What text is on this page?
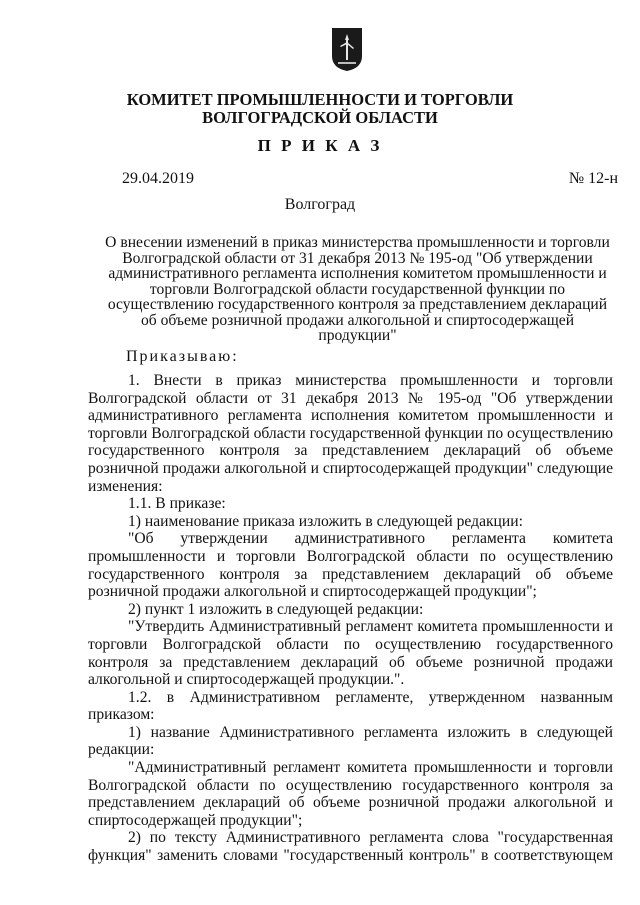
КОМИТЕТ ПРОМЫШЛЕННОСТИ И ТОРГОВЛИ
ВОЛГОГРАДСКОЙ ОБЛАСТИ
П Р И К А З
29.04.2019	№ 12-н
Волгоград
О внесении изменений в приказ министерства промышленности и торговли Волгоградской области от 31 декабря 2013 № 195-од "Об утверждении административного регламента исполнения комитетом промышленности и торговли Волгоградской области государственной функции по осуществлению государственного контроля за представлением деклараций об объеме розничной продажи алкогольной и спиртосодержащей продукции"
Приказываю:

1. Внести в приказ министерства промышленности и торговли Волгоградской области от 31 декабря 2013 № 195-од "Об утверждении административного регламента исполнения комитетом промышленности и торговли Волгоградской области государственной функции по осуществлению государственного контроля за представлением деклараций об объеме розничной продажи алкогольной и спиртосодержащей продукции" следующие изменения:

1.1. В приказе:

1) наименование приказа изложить в следующей редакции:

"Об утверждении административного регламента комитета промышленности и торговли Волгоградской области по осуществлению государственного контроля за представлением деклараций об объеме розничной продажи алкогольной и спиртосодержащей продукции";

2) пункт 1 изложить в следующей редакции:

"Утвердить Административный регламент комитета промышленности и торговли Волгоградской области по осуществлению государственного контроля за представлением деклараций об объеме розничной продажи алкогольной и спиртосодержащей продукции.".

1.2. в Административном регламенте, утвержденном названным приказом:

1) название Административного регламента изложить в следующей редакции:

"Административный регламент комитета промышленности и торговли Волгоградской области по осуществлению государственного контроля за представлением деклараций об объеме розничной продажи алкогольной и спиртосодержащей продукции";

2) по тексту Административного регламента слова "государственная функция" заменить словами "государственный контроль" в соответствующем
